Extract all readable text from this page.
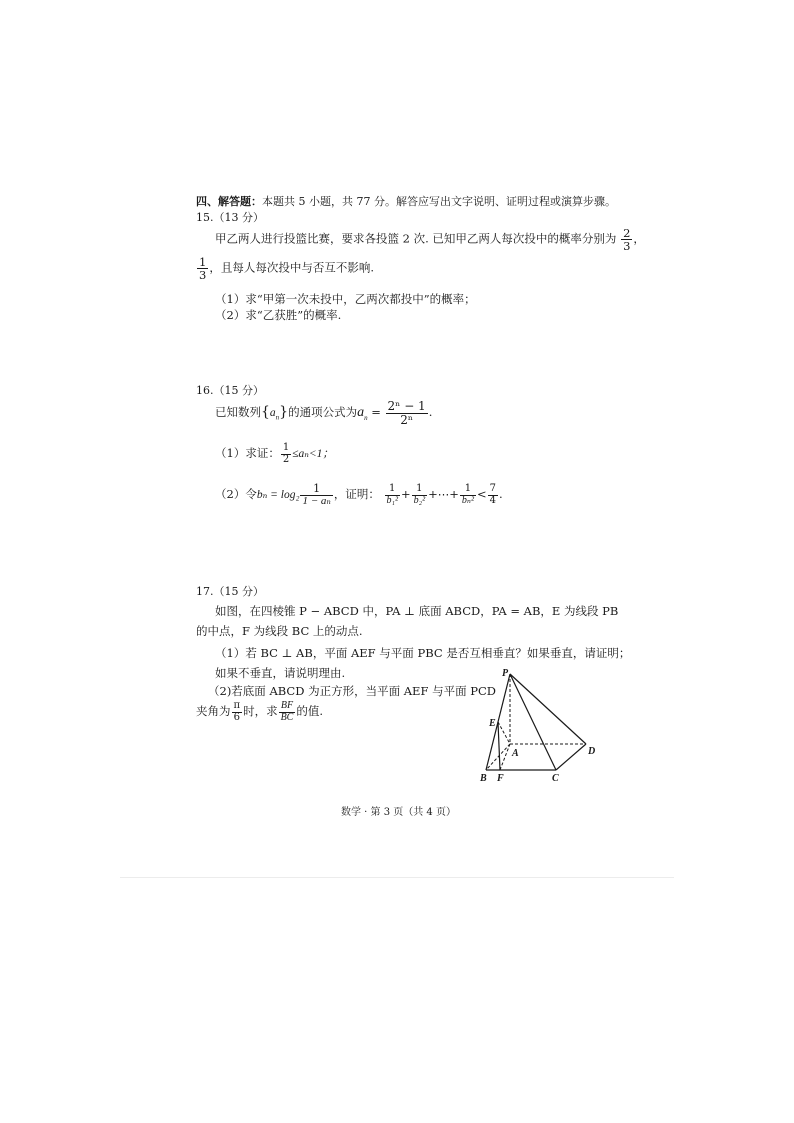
四、解答题：本题共 5 小题，共 77 分。解答应写出文字说明、证明过程或演算步骤。
15.（13 分）
甲乙两人进行投篮比赛，要求各投篮 2 次. 已知甲乙两人每次投中的概率分别为 $\frac{2}{3}$ ，
$\frac{1}{3}$ ，且每人每次投中与否互不影响.
（1）求“甲第一次未投中，乙两次都投中”的概率；
（2）求“乙获胜”的概率.
16.（15 分）
已知数列$\{a_n\}$的通项公式为$a_n = \frac{\text{2ⁿ − 1}}{\text{2ⁿ}}$ .
（1）求证： $\frac{1}{2} \le a_n<1$；
（2）令$b_n = \log_2 \frac{1}{\text{1 − aₙ}}$ ，证明： $\frac{1}{\text{b₁²}} + \frac{1}{\text{b₂²}}$ +⋯+ $\frac{1}{\text{bₙ²}} < \frac{7}{4}$ .
17.（15 分）
如图，在四棱锥 P − ABCD 中，PA ⊥ 底面 ABCD，PA = AB，E 为线段 PB
的中点，F 为线段 BC 上的动点.
（1）若 BC ⊥ AB，平面 AEF 与平面 PBC 是否互相垂直？如果垂直，请证明；
如果不垂直，请说明理由.
（2)若底面 ABCD 为正方形，当平面 AEF 与平面 PCD
夹角为 $\frac{\pi}{6}$ 时，求 $\frac{BF}{BC}$ 的值.
P
E
A	D
B F	C
数学 · 第 3 页（共 4 页）
